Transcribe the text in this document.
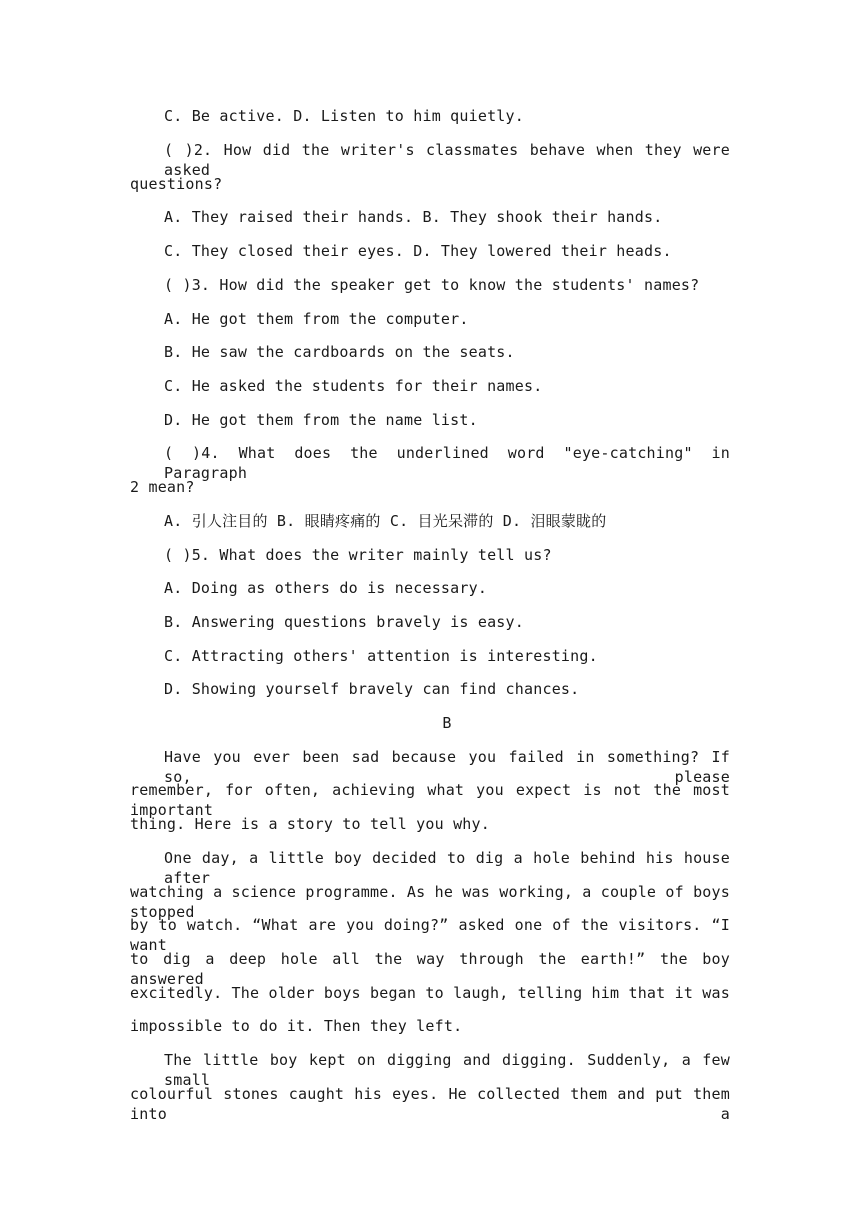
C. Be active. D. Listen to him quietly.
( )2. How did the writer's classmates behave when they were asked
questions?
A. They raised their hands. B. They shook their hands.
C. They closed their eyes. D. They lowered their heads.
( )3. How did the speaker get to know the students' names?
A. He got them from the computer.
B. He saw the cardboards on the seats.
C. He asked the students for their names.
D. He got them from the name list.
( )4. What does the underlined word "eye-catching" in Paragraph
2 mean?
A. 引人注目的 B. 眼睛疼痛的 C. 目光呆滞的 D. 泪眼蒙眬的
( )5. What does the writer mainly tell us?
A. Doing as others do is necessary.
B. Answering questions bravely is easy.
C. Attracting others' attention is interesting.
D. Showing yourself bravely can find chances.
B
Have you ever been sad because you failed in something? If so, please
remember, for often, achieving what you expect is not the most important
thing. Here is a story to tell you why.
One day, a little boy decided to dig a hole behind his house after
watching a science programme. As he was working, a couple of boys stopped
by to watch. “What are you doing?” asked one of the visitors. “I want
to dig a deep hole all the way through the earth!” the boy answered
excitedly. The older boys began to laugh, telling him that it was
impossible to do it. Then they left.
The little boy kept on digging and digging. Suddenly, a few small
colourful stones caught his eyes. He collected them and put them into a
